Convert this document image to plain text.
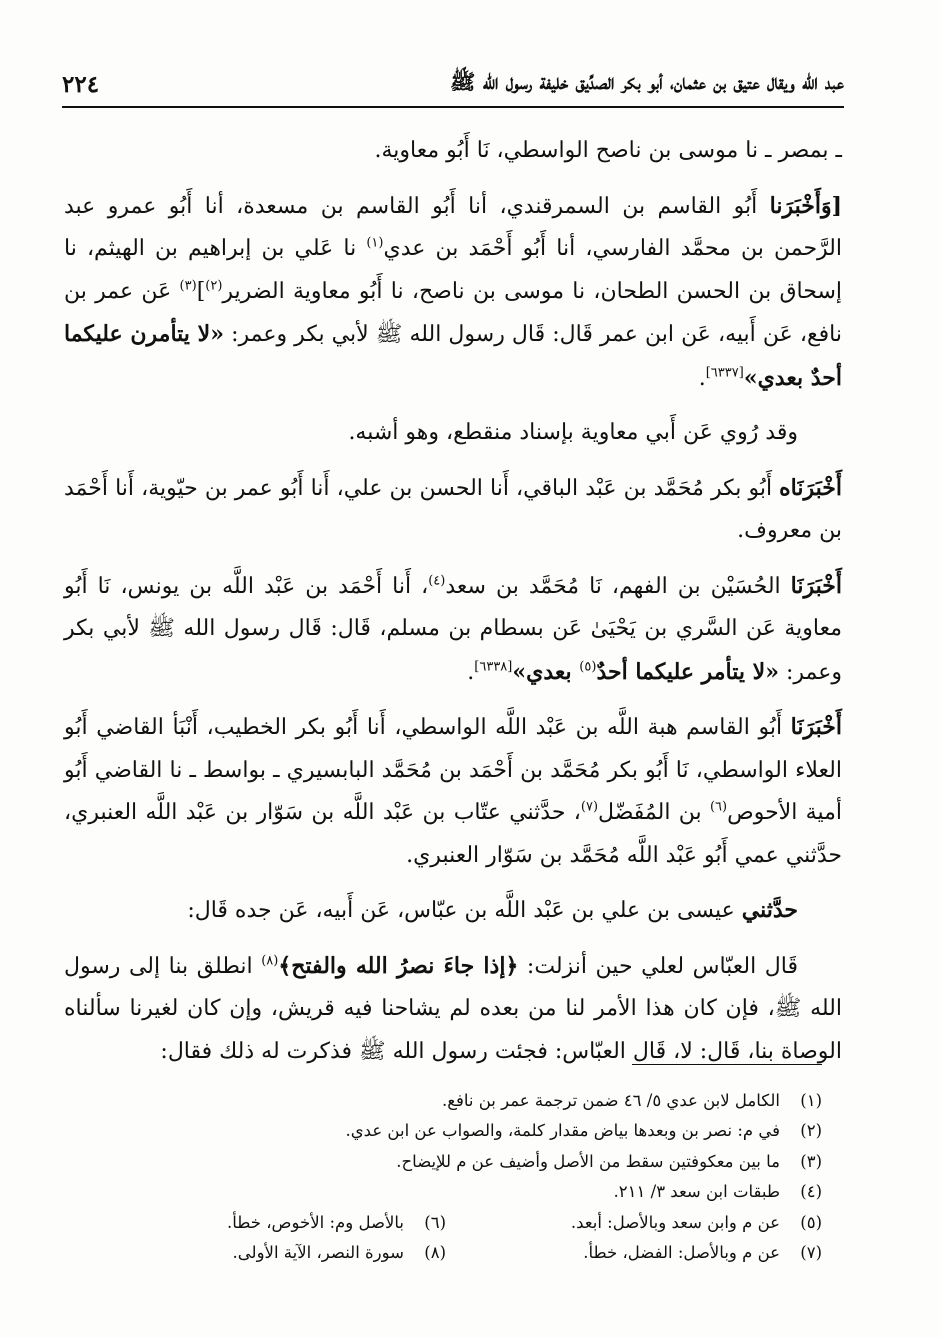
عبد الله ويقال عتيق بن عثمان، أبو بكر الصدِّيق خليفة رسول الله ﷺ
٢٢٤

ـ بمصر ـ نا موسى بن ناصح الواسطي، نَا أَبُو معاوية.

[وَأَخْبَرَنا أَبُو القاسم بن السمرقندي، أنا أَبُو القاسم بن مسعدة، أنا أَبُو عمرو عبد الرَّحمن بن محمَّد الفارسي، أنا أَبُو أَحْمَد بن عدي$^{(١)}$ نا عَلي بن إبراهيم بن الهيثم، نا إسحاق بن الحسن الطحان، نا موسى بن ناصح، نا أَبُو معاوية الضرير$^{(٢)}$]$^{(٣)}$ عَن عمر بن نافع، عَن أَبيه، عَن ابن عمر قَال: قَال رسول الله ﷺ لأبي بكر وعمر: «لا يتأمرن عليكما أحدٌ بعدي»[٦٣٣٧].

وقد رُوي عَن أَبي معاوية بإسناد منقطع، وهو أشبه.

أَخْبَرَنَاه أَبُو بكر مُحَمَّد بن عَبْد الباقي، أَنا الحسن بن علي، أَنا أَبُو عمر بن حيّوية، أَنا أَحْمَد بن معروف.

أَخْبَرَنَا الحُسَيْن بن الفهم، نَا مُحَمَّد بن سعد$^{(٤)}$، أَنا أَحْمَد بن عَبْد اللَّه بن يونس، نَا أَبُو معاوية عَن السَّري بن يَحْيَىٰ عَن بسطام بن مسلم، قَال: قَال رسول الله ﷺ لأبي بكر وعمر: «لا يتأمر عليكما أحدٌ$^{(٥)}$ بعدي»[٦٣٣٨].

أَخْبَرَنَا أَبُو القاسم هبة اللَّه بن عَبْد اللَّه الواسطي، أَنا أَبُو بكر الخطيب، أَنْبَأ القاضي أَبُو العلاء الواسطي، نَا أَبُو بكر مُحَمَّد بن أَحْمَد بن مُحَمَّد البابسيري ـ بواسط ـ نا القاضي أَبُو أمية الأحوص$^{(٦)}$ بن المُفَضّل$^{(٧)}$، حدَّثني عتّاب بن عَبْد اللَّه بن سَوّار بن عَبْد اللَّه العنبري، حدَّثني عمي أَبُو عَبْد اللَّه مُحَمَّد بن سَوّار العنبري.

حدَّثني عيسى بن علي بن عَبْد اللَّه بن عبّاس، عَن أَبيه، عَن جده قَال:

قَال العبّاس لعلي حين أنزلت: ﴿إذا جاءَ نصرُ الله والفتح﴾$^{(٨)}$ انطلق بنا إلى رسول الله ﷺ، فإن كان هذا الأمر لنا من بعده لم يشاحنا فيه قريش، وإن كان لغيرنا سألناه الوصاة بنا، قَال: لا، قَال العبّاس: فجئت رسول الله ﷺ فذكرت له ذلك فقال:

(١)
الكامل لابن عدي ٥/ ٤٦ ضمن ترجمة عمر بن نافع.
(٢)
في م: نصر بن وبعدها بياض مقدار كلمة، والصواب عن ابن عدي.
(٣)
ما بين معكوفتين سقط من الأصل وأضيف عن م للإيضاح.
(٤)
طبقات ابن سعد ٣/ ٢١١.
(٥)
عن م وابن سعد وبالأصل: أبعد.
(٦)
بالأصل وم: الأخوص، خطأ.
(٧)
عن م وبالأصل: الفضل، خطأ.
(٨)
سورة النصر، الآية الأولى.
